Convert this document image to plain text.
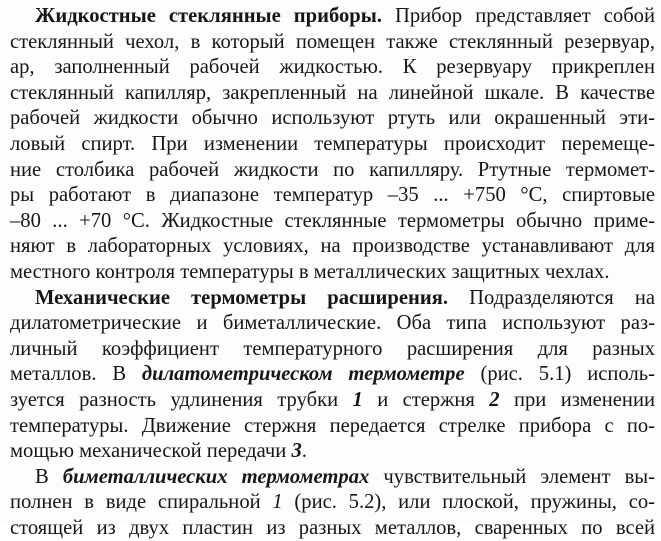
Жидкостные стеклянные приборы. Прибор представляет собой
стеклянный чехол, в который помещен также стеклянный резервуар,
ар, заполненный рабочей жидкостью. К резервуару прикреплен
стеклянный капилляр, закрепленный на линейной шкале. В качестве
рабочей жидкости обычно используют ртуть или окрашенный эти-
ловый спирт. При изменении температуры происходит перемеще-
ние столбика рабочей жидкости по капилляру. Ртутные термомет-
ры работают в диапазоне температур –35 ... +750 °С, спиртовые
–80 ... +70 °С. Жидкостные стеклянные термометры обычно приме-
няют в лабораторных условиях, на производстве устанавливают для
местного контроля температуры в металлических защитных чехлах.
Механические термометры расширения. Подразделяются на
дилатометрические и биметаллические. Оба типа используют раз-
личный коэффициент температурного расширения для разных
металлов. В дилатометрическом термометре (рис. 5.1) исполь-
зуется разность удлинения трубки 1 и стержня 2 при изменении
температуры. Движение стержня передается стрелке прибора с по-
мощью механической передачи 3.
В биметаллических термометрах чувствительный элемент вы-
полнен в виде спиральной 1 (рис. 5.2), или плоской, пружины, со-
стоящей из двух пластин из разных металлов, сваренных по всей
